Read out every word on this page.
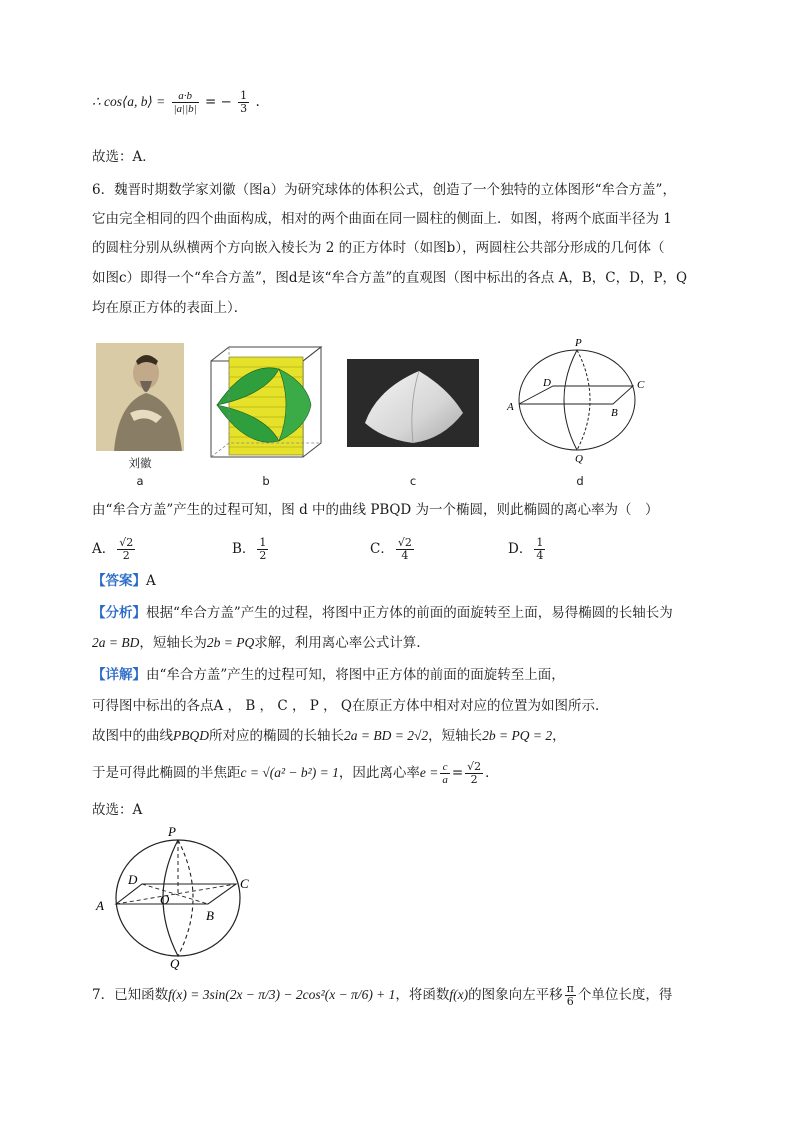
∴ cos⟨a, b⟩ = $\frac{a\cdot b}{|a||b|}$ = − $\frac{1}{3}$ .
故选：A．
6．魏晋时期数学家刘徽（图a）为研究球体的体积公式，创造了一个独特的立体图形“牟合方盖”，
它由完全相同的四个曲面构成，相对的两个曲面在同一圆柱的侧面上．如图，将两个底面半径为 1
的圆柱分别从纵横两个方向嵌入棱长为 2 的正方体时（如图b），两圆柱公共部分形成的几何体（
如图c）即得一个“牟合方盖”，图d是该“牟合方盖”的直观图（图中标出的各点 A，B，C，D，P，Q
均在原正方体的表面上）．
刘徽
a	b	c
P
D	C
A	B
Q
d
由“牟合方盖”产生的过程可知，图 d 中的曲线 PBQD 为一个椭圆，则此椭圆的离心率为（　）
A． $\frac{√2}{2}$	B． $\frac{1}{2}$	C． $\frac{√2}{4}$	D． $\frac{1}{4}$
【答案】A
【分析】根据“牟合方盖”产生的过程，将图中正方体的前面的面旋转至上面，易得椭圆的长轴长为
2a = BD，短轴长为2b = PQ求解，利用离心率公式计算.
【详解】由“牟合方盖”产生的过程可知，将图中正方体的前面的面旋转至上面，
可得图中标出的各点A ， B ， C ， P ， Q在原正方体中相对对应的位置为如图所示．
故图中的曲线PBQD所对应的椭圆的长轴长2a = BD = 2√2，短轴长2b = PQ = 2，
于是可得此椭圆的半焦距 c = √(a² − b²) = 1 ，因此离心率 $e = \frac{c}{a} = \frac{√2}{2}$ ．
故选：A
P
D	C
A	O
B
Q
7． 已知函数 f(x) = 3sin(2x − π/3) − 2cos²(x − π/6) + 1 ，将函数 f(x) 的图象向左平移 $\frac{\pi}{6}$ 个单位长度，得
